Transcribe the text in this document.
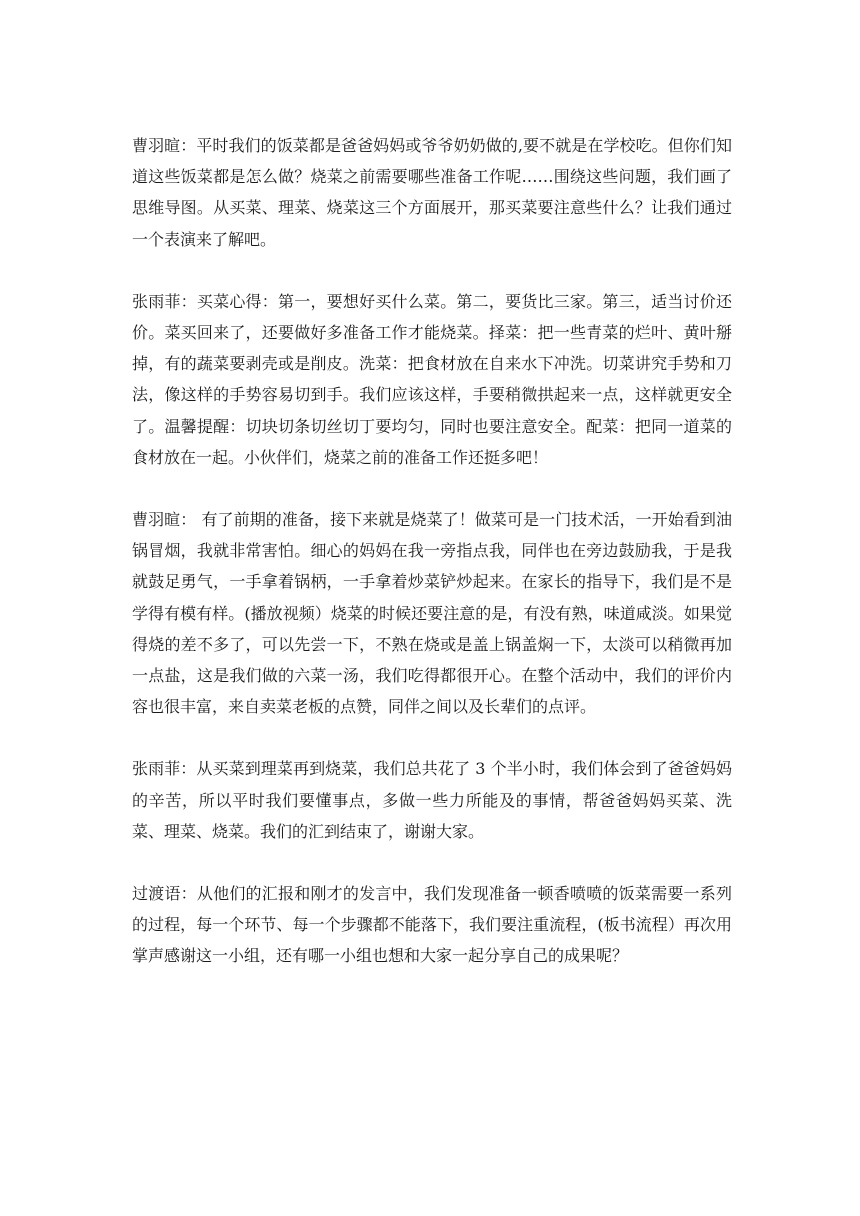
曹羽暄：平时我们的饭菜都是爸爸妈妈或爷爷奶奶做的,要不就是在学校吃。但你们知道这些饭菜都是怎么做？烧菜之前需要哪些准备工作呢……围绕这些问题，我们画了思维导图。从买菜、理菜、烧菜这三个方面展开，那买菜要注意些什么？让我们通过一个表演来了解吧。

张雨菲：买菜心得：第一，要想好买什么菜。第二，要货比三家。第三，适当讨价还价。菜买回来了，还要做好多准备工作才能烧菜。择菜：把一些青菜的烂叶、黄叶掰掉，有的蔬菜要剥壳或是削皮。洗菜：把食材放在自来水下冲洗。切菜讲究手势和刀法，像这样的手势容易切到手。我们应该这样，手要稍微拱起来一点，这样就更安全了。温馨提醒：切块切条切丝切丁要均匀，同时也要注意安全。配菜：把同一道菜的食材放在一起。小伙伴们，烧菜之前的准备工作还挺多吧！

曹羽暄： 有了前期的准备，接下来就是烧菜了！做菜可是一门技术活，一开始看到油锅冒烟，我就非常害怕。细心的妈妈在我一旁指点我，同伴也在旁边鼓励我，于是我就鼓足勇气，一手拿着锅柄，一手拿着炒菜铲炒起来。在家长的指导下，我们是不是学得有模有样。(播放视频）烧菜的时候还要注意的是，有没有熟，味道咸淡。如果觉得烧的差不多了，可以先尝一下，不熟在烧或是盖上锅盖焖一下，太淡可以稍微再加一点盐，这是我们做的六菜一汤，我们吃得都很开心。在整个活动中，我们的评价内容也很丰富，来自卖菜老板的点赞，同伴之间以及长辈们的点评。

张雨菲：从买菜到理菜再到烧菜，我们总共花了 3 个半小时，我们体会到了爸爸妈妈的辛苦，所以平时我们要懂事点，多做一些力所能及的事情，帮爸爸妈妈买菜、洗菜、理菜、烧菜。我们的汇到结束了，谢谢大家。

过渡语：从他们的汇报和刚才的发言中，我们发现准备一顿香喷喷的饭菜需要一系列的过程，每一个环节、每一个步骤都不能落下，我们要注重流程，(板书流程）再次用掌声感谢这一小组，还有哪一小组也想和大家一起分享自己的成果呢？
